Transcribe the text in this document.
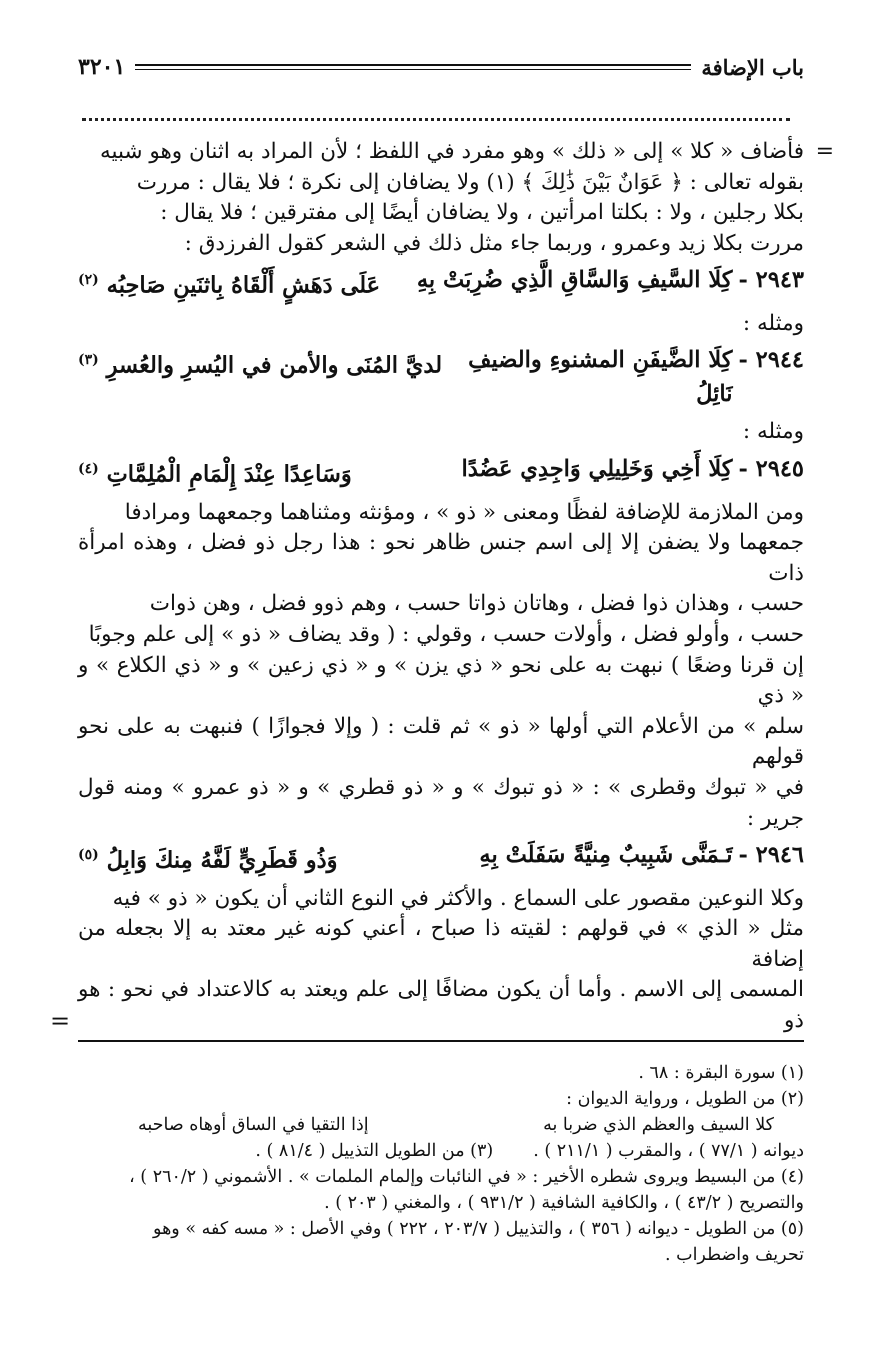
باب الإضافة
٣٢٠١

=
فأضاف « كلا » إلى « ذلك » وهو مفرد في اللفظ ؛ لأن المراد به اثنان وهو شبيه

بقوله تعالى : ﴿ عَوَانٌ بَيْنَ ذَٰلِكَ ﴾ (١) ولا يضافان إلى نكرة ؛ فلا يقال : مررت

بكلا رجلين ، ولا : بكلتا امرأتين ، ولا يضافان أيضًا إلى مفترقين ؛ فلا يقال :

مررت بكلا زيد وعمرو ، وربما جاء مثل ذلك في الشعر كقول الفرزدق :

٢٩٤٣ -
كِلَا السَّيفِ وَالسَّاقِ الَّذِي ضُرِبَتْ بِهِ
عَلَى دَهَشٍ أَلْقَاهُ بِاثنَينِ صَاحِبُه $^{(٢)}$

ومثله :

٢٩٤٤ -
كِلَا الضَّيفَنِ المشنوءِ والضيفِ نَائِلُ
لديَّ المُنَى والأمن في اليُسرِ والعُسرِ $^{(٣)}$

ومثله :

٢٩٤٥ -
كِلَا أَخِي وَخَلِيلِي وَاجِدِي عَضُدًا
وَسَاعِدًا عِنْدَ إِلْمَامِ الْمُلِمَّاتِ $^{(٤)}$

ومن الملازمة للإضافة لفظًا ومعنى « ذو » ، ومؤنثه ومثناهما وجمعهما ومرادفا

جمعهما ولا يضفن إلا إلى اسم جنس ظاهر نحو : هذا رجل ذو فضل ، وهذه امرأة ذات

حسب ، وهذان ذوا فضل ، وهاتان ذواتا حسب ، وهم ذوو فضل ، وهن ذوات

حسب ، وأولو فضل ، وأولات حسب ، وقولي : ( وقد يضاف « ذو » إلى علم وجوبًا

إن قرنا وضعًا ) نبهت به على نحو « ذي يزن » و « ذي زعين » و « ذي الكلاع » و « ذي

سلم » من الأعلام التي أولها « ذو » ثم قلت : ( وإلا فجوازًا ) فنبهت به على نحو قولهم

في « تبوك وقطرى » : « ذو تبوك » و « ذو قطري » و « ذو عمرو » ومنه قول جرير :

٢٩٤٦ -
تَـمَنَّى شَبِيبٌ مِنيَّةً سَفَلَتْ بِهِ
وَذُو قَطَرِيٍّ لَفَّهُ مِنكَ وَابِلُ $^{(٥)}$

وكلا النوعين مقصور على السماع . والأكثر في النوع الثاني أن يكون « ذو » فيه

مثل « الذي » في قولهم : لقيته ذا صباح ، أعني كونه غير معتد به إلا بجعله من إضافة

المسمى إلى الاسم . وأما أن يكون مضافًا إلى علم ويعتد به كالاعتداد في نحو : هو ذو
=

(١) سورة البقرة : ٦٨ .

(٢) من الطويل ، ورواية الديوان :

كلا السيف والعظم الذي ضربا به
إذا التقيا في الساق أوهاه صاحبه
ديوانه ( ٧٧/١ ) ، والمقرب ( ٢١١/١ ) .
(٣) من الطويل التذييل ( ٨١/٤ ) .

(٤) من البسيط ويروى شطره الأخير : « في النائبات وإلمام الملمات » . الأشموني ( ٢٦٠/٢ ) ،

والتصريح ( ٤٣/٢ ) ، والكافية الشافية ( ٩٣١/٢ ) ، والمغني ( ٢٠٣ ) .

(٥) من الطويل - ديوانه ( ٣٥٦ ) ، والتذييل ( ٢٠٣/٧ ، ٢٢٢ ) وفي الأصل : « مسه كفه » وهو

تحريف واضطراب .
